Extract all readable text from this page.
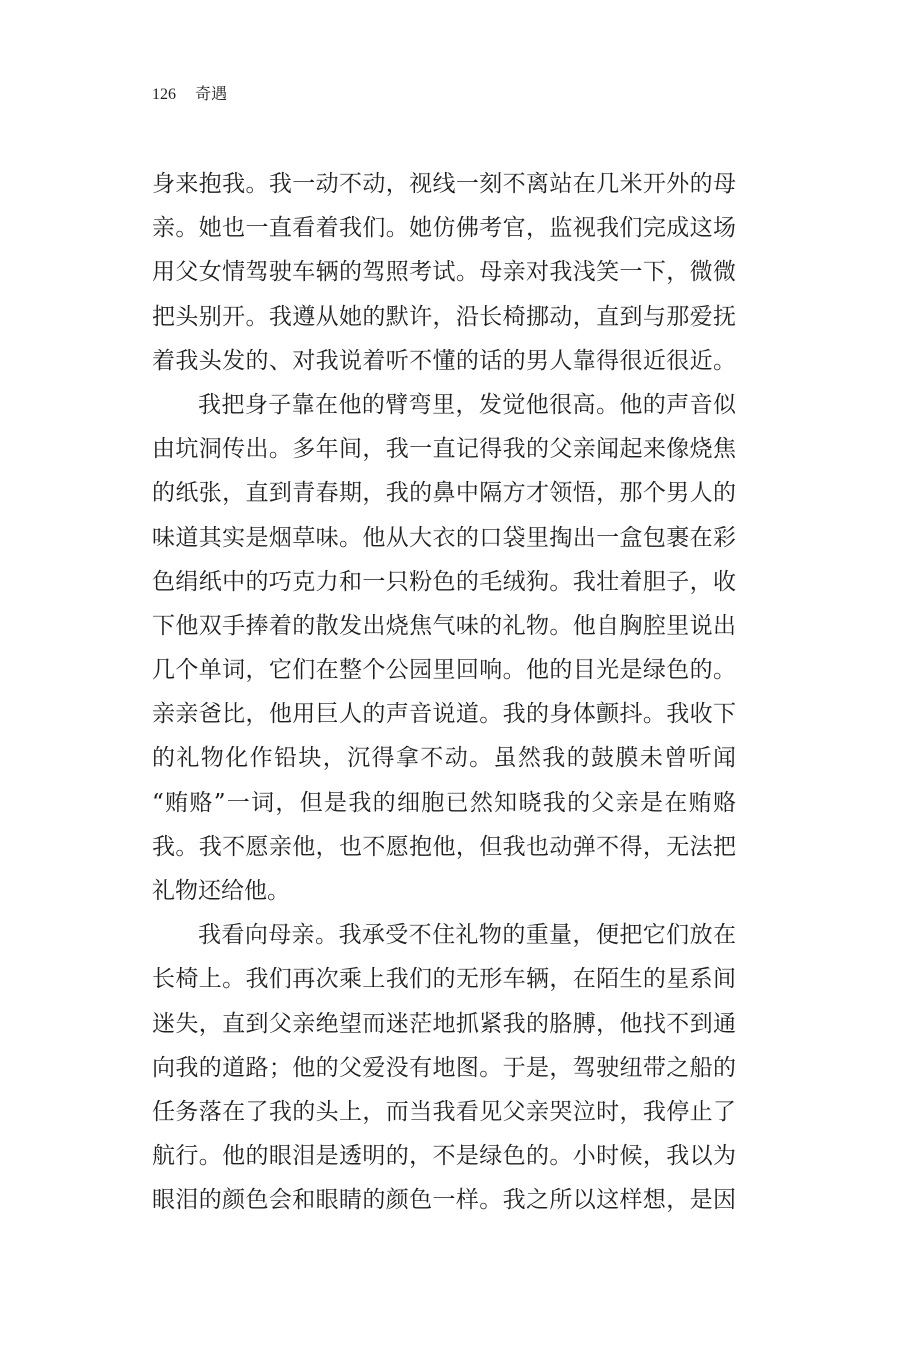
126 奇遇
身来抱我。我一动不动，视线一刻不离站在几米开外的母
亲。她也一直看着我们。她仿佛考官，监视我们完成这场
用父女情驾驶车辆的驾照考试。母亲对我浅笑一下，微微
把头别开。我遵从她的默许，沿长椅挪动，直到与那爱抚
着我头发的、对我说着听不懂的话的男人靠得很近很近。
我把身子靠在他的臂弯里，发觉他很高。他的声音似
由坑洞传出。多年间，我一直记得我的父亲闻起来像烧焦
的纸张，直到青春期，我的鼻中隔方才领悟，那个男人的
味道其实是烟草味。他从大衣的口袋里掏出一盒包裹在彩
色绢纸中的巧克力和一只粉色的毛绒狗。我壮着胆子，收
下他双手捧着的散发出烧焦气味的礼物。他自胸腔里说出
几个单词，它们在整个公园里回响。他的目光是绿色的。
亲亲爸比，他用巨人的声音说道。我的身体颤抖。我收下
的礼物化作铅块，沉得拿不动。虽然我的鼓膜未曾听闻
“贿赂”一词，但是我的细胞已然知晓我的父亲是在贿赂
我。我不愿亲他，也不愿抱他，但我也动弹不得，无法把
礼物还给他。
我看向母亲。我承受不住礼物的重量，便把它们放在
长椅上。我们再次乘上我们的无形车辆，在陌生的星系间
迷失，直到父亲绝望而迷茫地抓紧我的胳膊，他找不到通
向我的道路；他的父爱没有地图。于是，驾驶纽带之船的
任务落在了我的头上，而当我看见父亲哭泣时，我停止了
航行。他的眼泪是透明的，不是绿色的。小时候，我以为
眼泪的颜色会和眼睛的颜色一样。我之所以这样想，是因
